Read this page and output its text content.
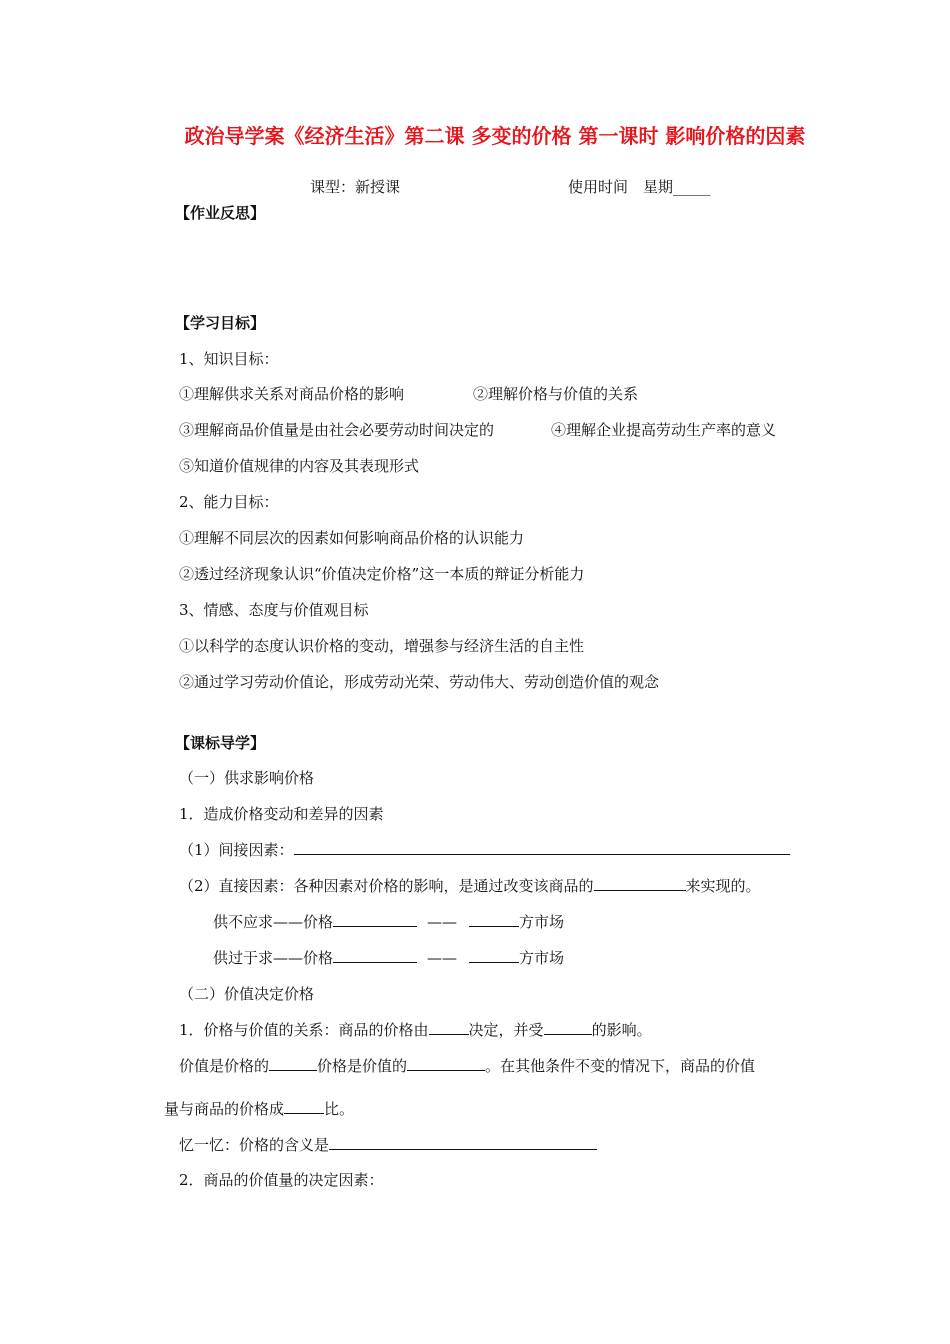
政治导学案《经济生活》第二课 多变的价格 第一课时 影响价格的因素
课型：新授课	使用时间　星期_____
【作业反思】
【学习目标】
1、知识目标：
①理解供求关系对商品价格的影响	②理解价格与价值的关系
③理解商品价值量是由社会必要劳动时间决定的	④理解企业提高劳动生产率的意义
⑤知道价值规律的内容及其表现形式
2、能力目标：
①理解不同层次的因素如何影响商品价格的认识能力
②透过经济现象认识“价值决定价格”这一本质的辩证分析能力
3、情感、态度与价值观目标
①以科学的态度认识价格的变动，增强参与经济生活的自主性
②通过学习劳动价值论，形成劳动光荣、劳动伟大、劳动创造价值的观念
【课标导学】
（一）供求影响价格
1．造成价格变动和差异的因素
（1）间接因素：
（2）直接因素：各种因素对价格的影响，是通过改变该商品的	来实现的。
供不应求——价格	——	方市场
供过于求——价格	——	方市场
（二）价值决定价格
1．价格与价值的关系：商品的价格由	决定，并受	的影响。
价值是价格的	价格是价值的	。在其他条件不变的情况下，商品的价值
量与商品的价格成	比。
忆一忆：价格的含义是
2．商品的价值量的决定因素：
